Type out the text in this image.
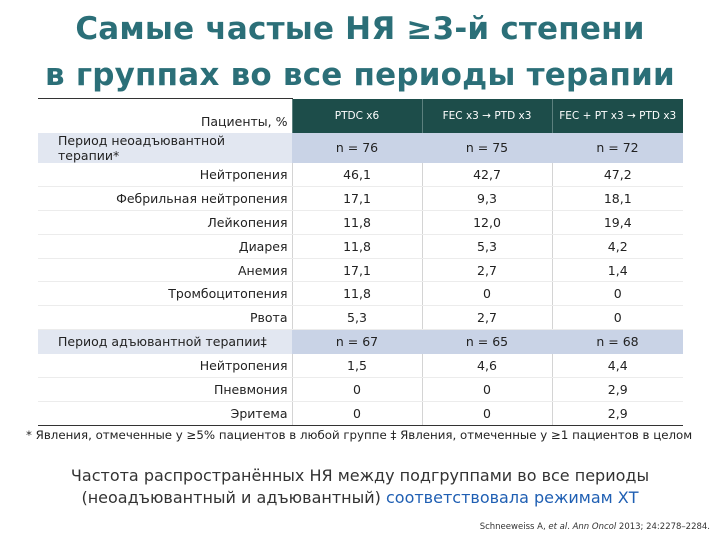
Самые частые НЯ ≥3-й степени
в группах во все периоды терапии
Пациенты, %	PTDC x6	FEC x3 → PTD x3	FEC + PT x3 → PTD x3
Период неоадъювантной терапии*	n = 76	n = 75	n = 72
Нейтропения	46,1	42,7	47,2
Фебрильная нейтропения	17,1	9,3	18,1
Лейкопения	11,8	12,0	19,4
Диарея	11,8	5,3	4,2
Анемия	17,1	2,7	1,4
Тромбоцитопения	11,8	0	0
Рвота	5,3	2,7	0
Период адъювантной терапии‡	n = 67	n = 65	n = 68
Нейтропения	1,5	4,6	4,4
Пневмония	0	0	2,9
Эритема	0	0	2,9
* Явления, отмеченные у ≥5% пациентов в любой группе ‡ Явления, отмеченные у ≥1 пациентов в целом
Частота распространённых НЯ между подгруппами во все периоды
(неоадъювантный и адъювантный) соответствовала режимам ХТ
Schneeweiss A, et al. Ann Oncol 2013; 24:2278–2284.
